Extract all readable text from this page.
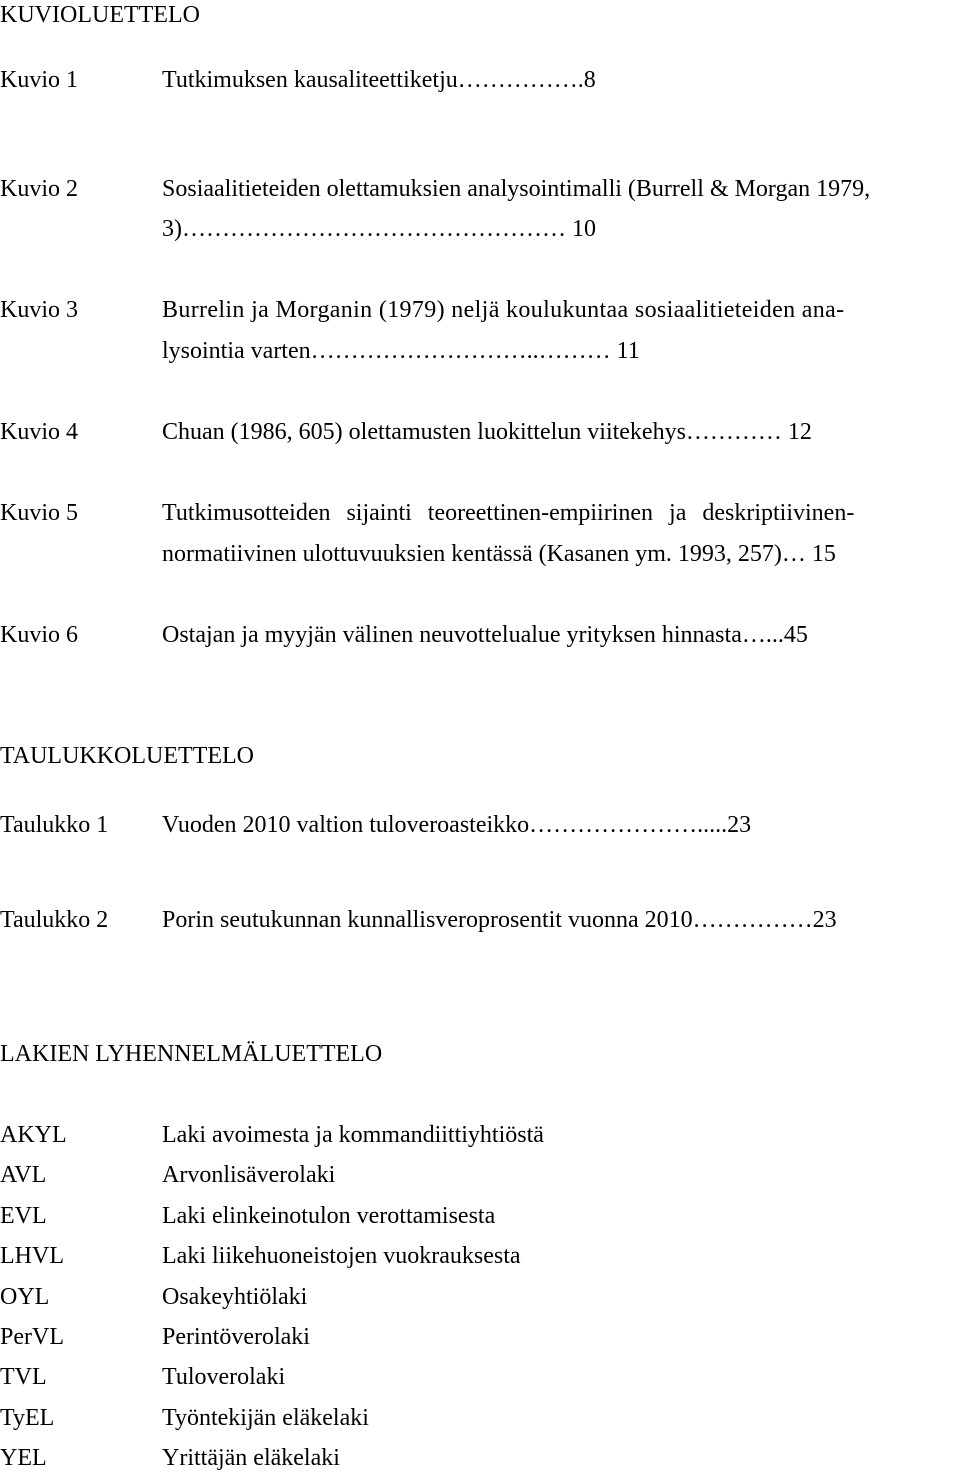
KUVIOLUETTELO
Kuvio 1	Tutkimuksen kausaliteettiketju…………….8
Kuvio 2	Sosiaalitieteiden olettamuksien analysointimalli (Burrell & Morgan 1979,
3)………………………………………… 10
Kuvio 3	Burrelin ja Morganin (1979) neljä koulukuntaa sosiaalitieteiden ana-
lysointia varten………………………..……… 11
Kuvio 4	Chuan (1986, 605) olettamusten luokittelun viitekehys………… 12
Kuvio 5	Tutkimusotteiden sijainti teoreettinen-empiirinen ja deskriptiivinen-
normatiivinen ulottuvuuksien kentässä (Kasanen ym. 1993, 257)… 15
Kuvio 6	Ostajan ja myyjän välinen neuvottelualue yrityksen hinnasta…...45
TAULUKKOLUETTELO
Taulukko 1 Vuoden 2010 valtion tuloveroasteikko………………….....23
Taulukko 2 Porin seutukunnan kunnallisveroprosentit vuonna 2010……………23
LAKIEN LYHENNELMÄLUETTELO
AKYL	Laki avoimesta ja kommandiittiyhtiöstä
AVL	Arvonlisäverolaki
EVL	Laki elinkeinotulon verottamisesta
LHVL	Laki liikehuoneistojen vuokrauksesta
OYL	Osakeyhtiölaki
PerVL	Perintöverolaki
TVL	Tuloverolaki
TyEL	Työntekijän eläkelaki
YEL	Yrittäjän eläkelaki
